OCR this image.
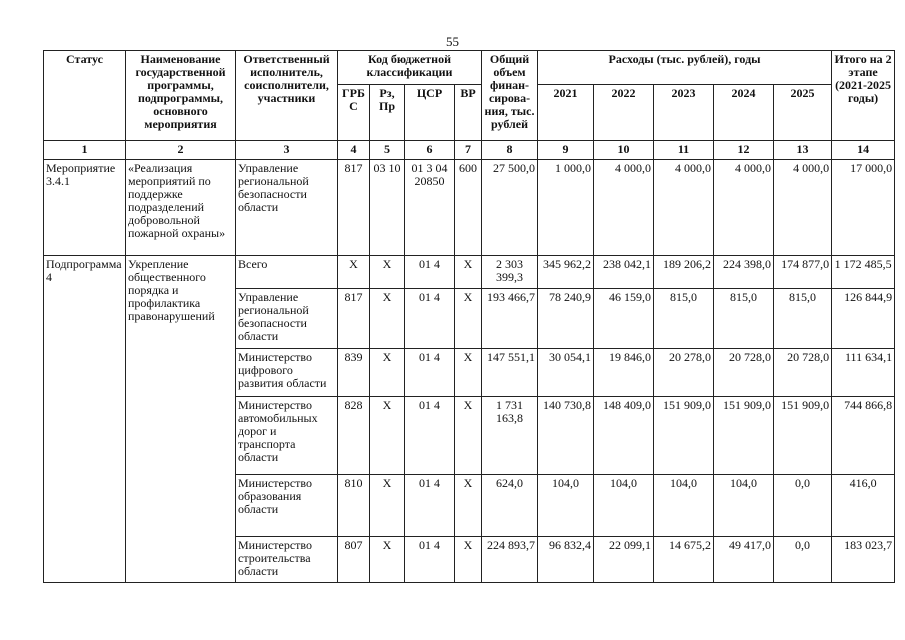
55
Статус	Наименование государственной программы, подпрограммы, основного мероприятия	Ответственный исполнитель, соисполнители, участники	Код бюджетной классификации				Общий объем финан-сирова-ния, тыс. рублей	Расходы (тыс. рублей), годы					Итого на 2 этапе (2021-2025 годы)
			ГРБ С	Рз, Пр	ЦСР	ВР		2021	2022	2023	2024	2025	
1	2	3	4	5	6	7	8	9	10	11	12	13	14
Мероприятие 3.4.1	«Реализация мероприятий по поддержке подразделений добровольной пожарной охраны»	Управление региональной безопасности области	817	03 10	01 3 04 20850	600	27 500,0	1 000,0	4 000,0	4 000,0	4 000,0	4 000,0	17 000,0
Подпрограмма 4	Укрепление общественного порядка и профилактика правонарушений	Всего	Х	Х	01 4	Х	2 303 399,3	345 962,2	238 042,1	189 206,2	224 398,0	174 877,0	1 172 485,5
		Управление региональной безопасности области	817	Х	01 4	Х	193 466,7	78 240,9	46 159,0	815,0	815,0	815,0	126 844,9
		Министерство цифрового развития области	839	Х	01 4	Х	147 551,1	30 054,1	19 846,0	20 278,0	20 728,0	20 728,0	111 634,1
		Министерство автомобильных дорог и транспорта области	828	Х	01 4	Х	1 731 163,8	140 730,8	148 409,0	151 909,0	151 909,0	151 909,0	744 866,8
		Министерство образования области	810	Х	01 4	Х	624,0	104,0	104,0	104,0	104,0	0,0	416,0
		Министерство строительства области	807	Х	01 4	Х	224 893,7	96 832,4	22 099,1	14 675,2	49 417,0	0,0	183 023,7
